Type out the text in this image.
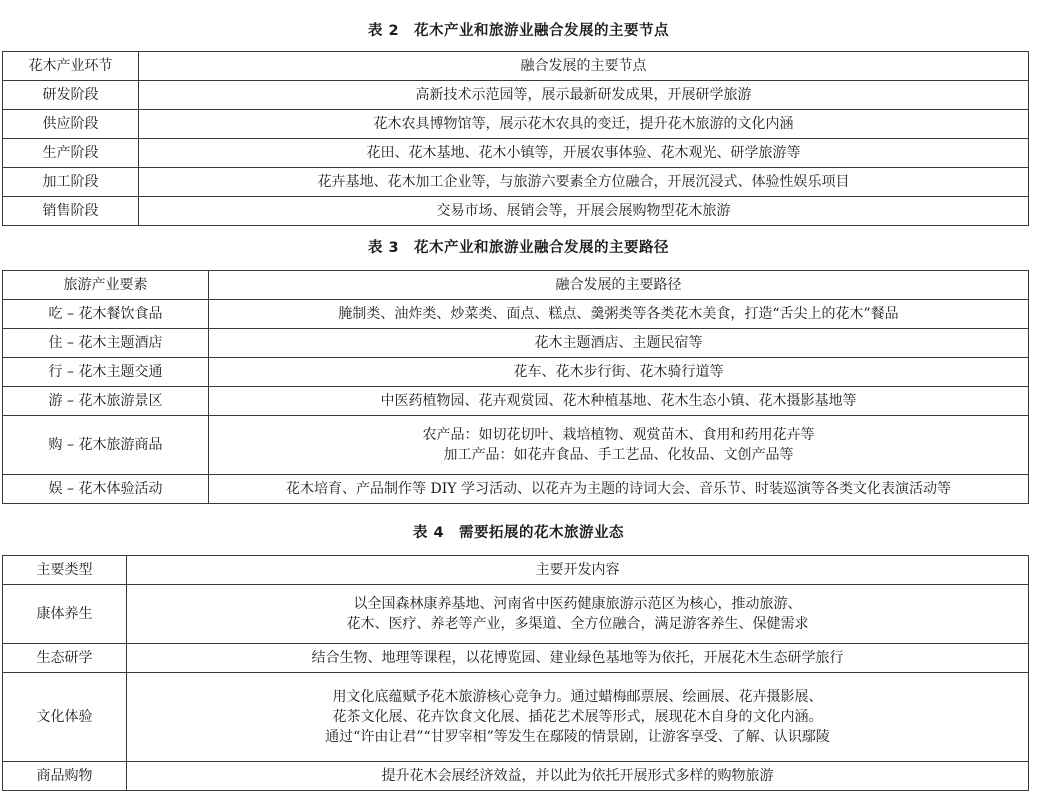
表 2　花木产业和旅游业融合发展的主要节点
花木产业环节	融合发展的主要节点
研发阶段	高新技术示范园等，展示最新研发成果，开展研学旅游
供应阶段	花木农具博物馆等，展示花木农具的变迁，提升花木旅游的文化内涵
生产阶段	花田、花木基地、花木小镇等，开展农事体验、花木观光、研学旅游等
加工阶段	花卉基地、花木加工企业等，与旅游六要素全方位融合，开展沉浸式、体验性娱乐项目
销售阶段	交易市场、展销会等，开展会展购物型花木旅游
表 3　花木产业和旅游业融合发展的主要路径
旅游产业要素	融合发展的主要路径
吃 – 花木餐饮食品	腌制类、油炸类、炒菜类、面点、糕点、羹粥类等各类花木美食，打造“舌尖上的花木”餐品

住 – 花木主题酒店	花木主题酒店、主题民宿等

行 – 花木主题交通	花车、花木步行街、花木骑行道等

游 – 花木旅游景区	中医药植物园、花卉观赏园、花木种植基地、花木生态小镇、花木摄影基地等

购 – 花木旅游商品	农产品：如切花切叶、栽培植物、观赏苗木、食用和药用花卉等
加工产品：如花卉食品、手工艺品、化妆品、文创产品等

娱 – 花木体验活动	花木培育、产品制作等 DIY 学习活动、以花卉为主题的诗词大会、音乐节、时装巡演等各类文化表演活动等
表 4　需要拓展的花木旅游业态
主要类型	主要开发内容
康体养生	以全国森林康养基地、河南省中医药健康旅游示范区为核心，推动旅游、
花木、医疗、养老等产业，多渠道、全方位融合，满足游客养生、保健需求

生态研学	结合生物、地理等课程，以花博览园、建业绿色基地等为依托，开展花木生态研学旅行

文化体验	用文化底蕴赋予花木旅游核心竞争力。通过蜡梅邮票展、绘画展、花卉摄影展、
花茶文化展、花卉饮食文化展、插花艺术展等形式，展现花木自身的文化内涵。
通过“许由让君”“甘罗宰相”等发生在鄢陵的情景剧，让游客享受、了解、认识鄢陵

商品购物	提升花木会展经济效益，并以此为依托开展形式多样的购物旅游
